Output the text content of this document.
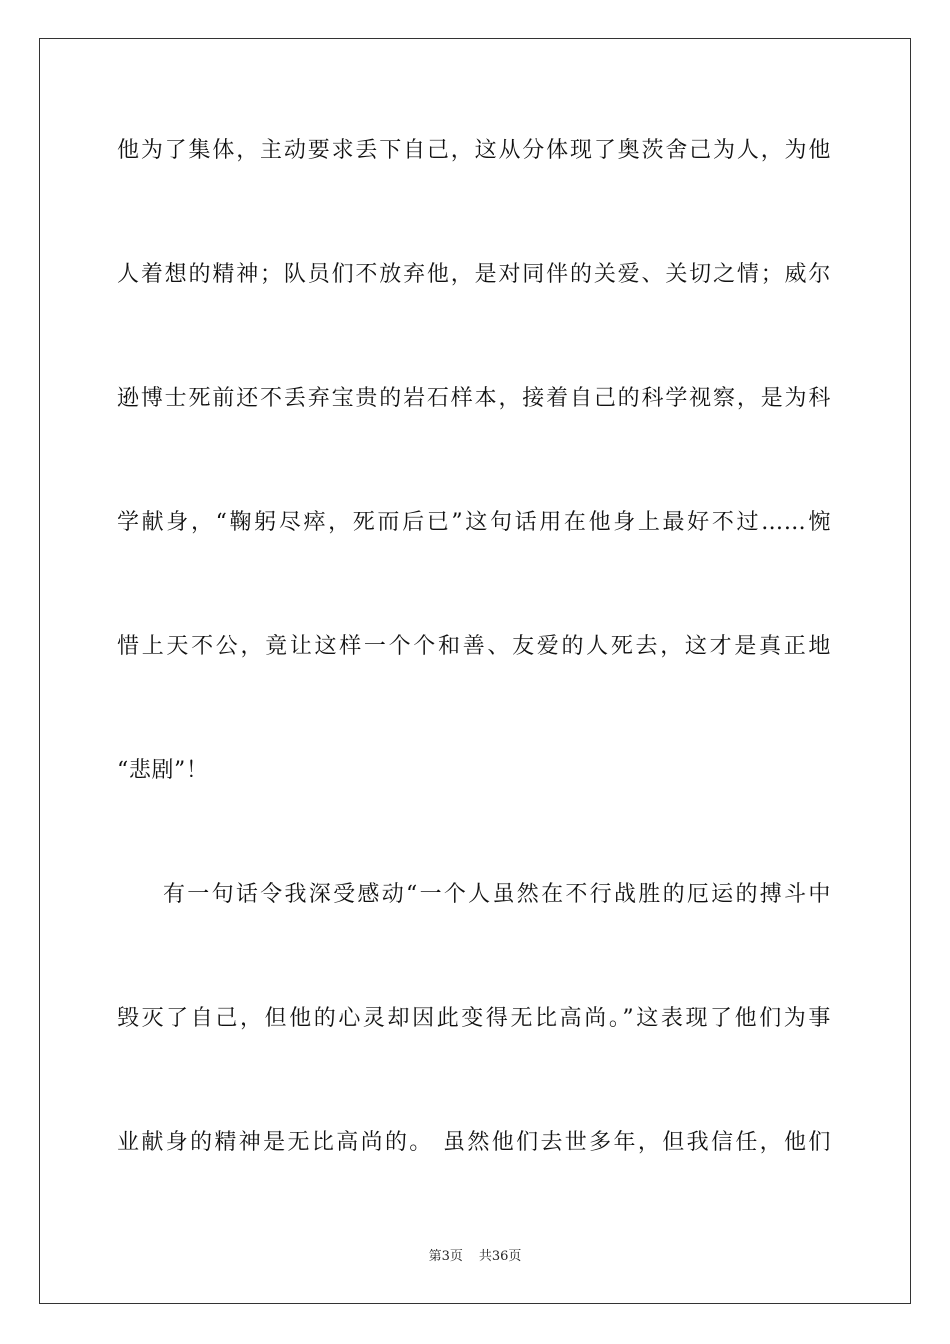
他为了集体，主动要求丢下自己，这从分体现了奥茨舍己为人，为他
人着想的精神；队员们不放弃他，是对同伴的关爱、关切之情；威尔
逊博士死前还不丢弃宝贵的岩石样本，接着自己的科学视察，是为科
学献身，“鞠躬尽瘁，死而后已”这句话用在他身上最好不过……惋
惜上天不公，竟让这样一个个和善、友爱的人死去，这才是真正地
“悲剧”！
有一句话令我深受感动“一个人虽然在不行战胜的厄运的搏斗中
毁灭了自己，但他的心灵却因此变得无比高尚。”这表现了他们为事
业献身的精神是无比高尚的。 虽然他们去世多年，但我信任，他们
第3页 共36页
